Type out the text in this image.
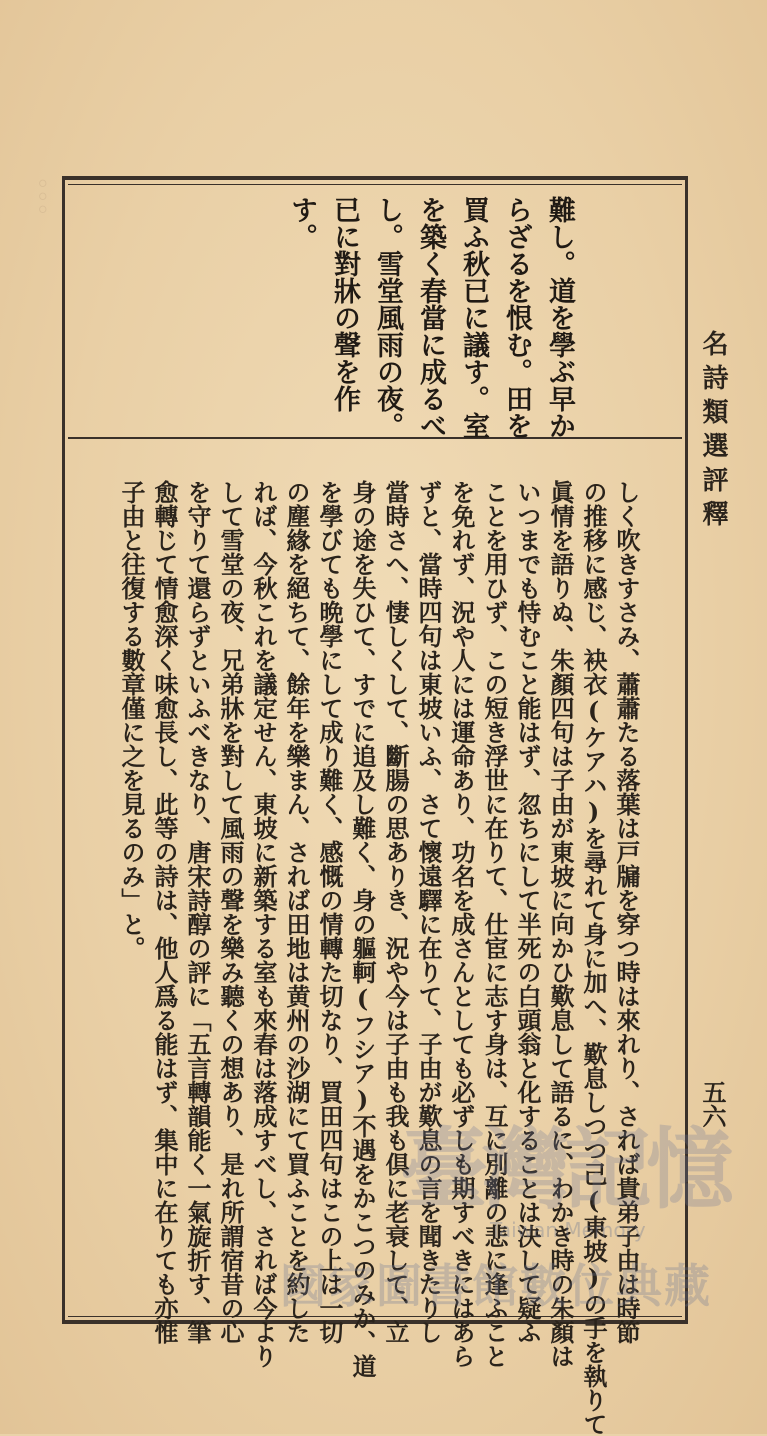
。。。
名詩類選評釋
五六
難し。道を學ぶ早か
らざるを恨む。田を
買ふ秋已に議す。室
を築く春當に成るべ
し。雪堂風雨の夜。
已に對牀の聲を作
す。
しく吹きすさみ、蕭蕭たる落葉は戸牖を穿つ時は來れり、されば貴弟子由は時節
の推移に感じ、袂衣(ケアハ)を尋れて身に加へ、歎息しつつ己(東坡)の手を執りて
眞情を語りぬ、朱顏四句は子由が東坡に向かひ歎息して語るに、わかき時の朱顏は
いつまでも恃むこと能はず、忽ちにして半死の白頭翁と化することは決して疑ふ
ことを用ひず、この短き浮世に在りて、仕宦に志す身は、互に別離の悲に逢ふこと
を免れず、況や人には運命あり、功名を成さんとしても必ずしも期すべきにはあら
ずと、當時四句は東坡いふ、さて懷遠驛に在りて、子由が歎息の言を聞きたりし
當時さへ、悽しくして、斷腸の思ありき、況や今は子由も我も倶に老衰して、立
身の途を失ひて、すでに追及し難く、身の軀軻(フシア)不遇をかこつのみか、道
を學びても晩學にして成り難く、感慨の情轉た切なり、買田四句はこの上は一切
の塵緣を絕ちて、餘年を樂まん、されば田地は黄州の沙湖にて買ふことを約した
れば、今秋これを議定せん、東坡に新築する室も來春は落成すべし、されば今より
して雪堂の夜、兄弟牀を對して風雨の聲を樂み聽くの想あり、是れ所謂宿昔の心
を守りて還らずといふべきなり、唐宋詩醇の評に「五言轉韻能く一氣旋折す、筆
愈轉じて情愈深く味愈長し、此等の詩は、他人爲る能はず、集中に在りても亦惟
子由と往復する數章僅に之を見るのみ」と。
臺灣記憶
Taiwan Memory
國家圖書館數位典藏
